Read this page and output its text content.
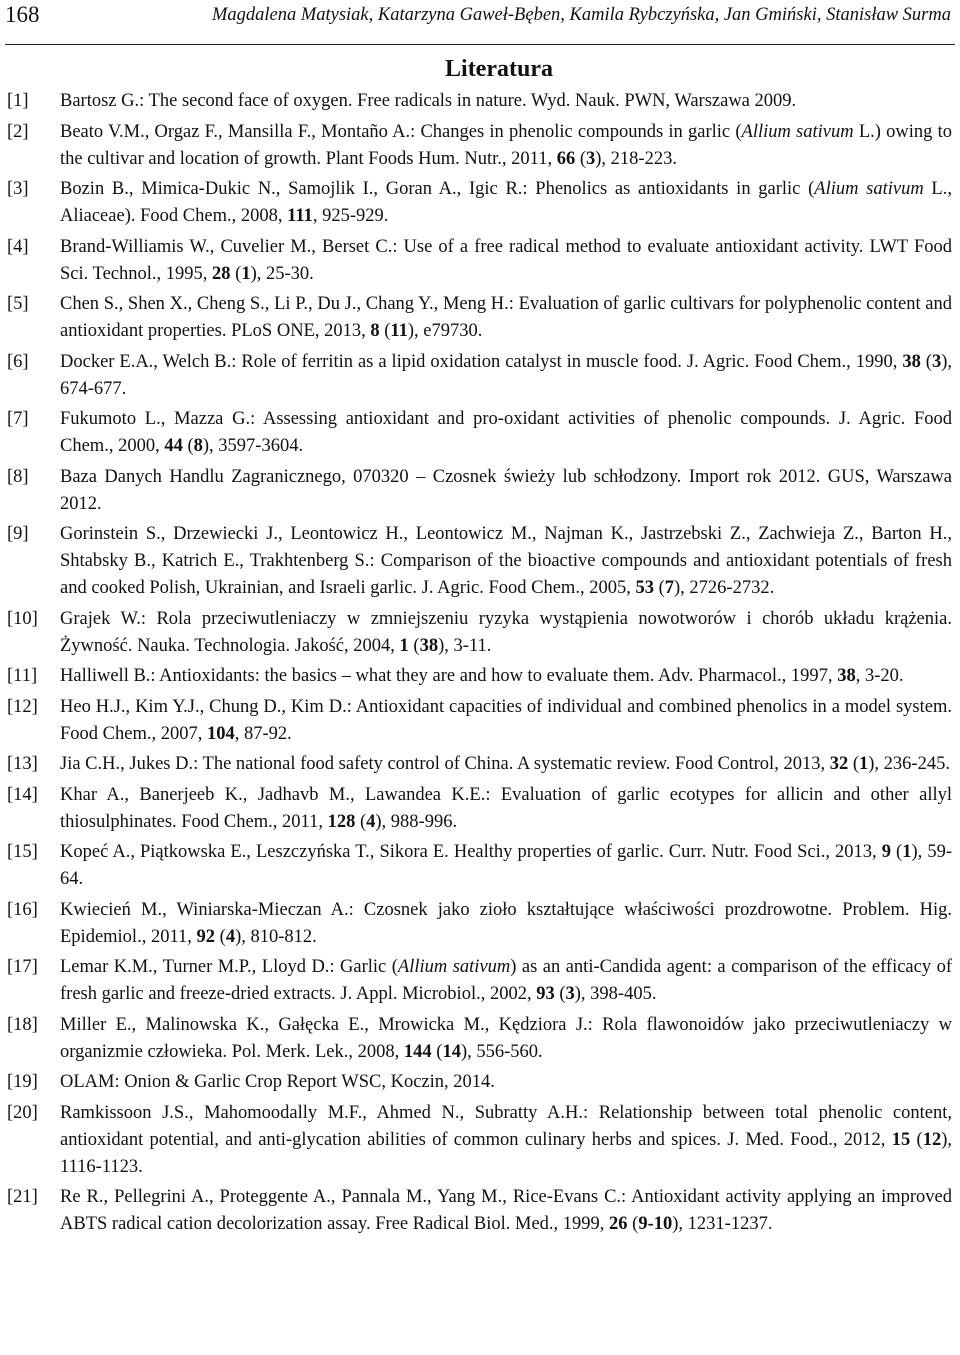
168	Magdalena Matysiak, Katarzyna Gaweł-Bęben, Kamila Rybczyńska, Jan Gmiński, Stanisław Surma
Literatura
[1] Bartosz G.: The second face of oxygen. Free radicals in nature. Wyd. Nauk. PWN, Warszawa 2009.
[2] Beato V.M., Orgaz F., Mansilla F., Montaño A.: Changes in phenolic compounds in garlic (Allium sativum L.) owing to the cultivar and location of growth. Plant Foods Hum. Nutr., 2011, 66 (3), 218-223.
[3] Bozin B., Mimica-Dukic N., Samojlik I., Goran A., Igic R.: Phenolics as antioxidants in garlic (Alium sativum L., Aliaceae). Food Chem., 2008, 111, 925-929.
[4] Brand-Williamis W., Cuvelier M., Berset C.: Use of a free radical method to evaluate antioxidant activity. LWT Food Sci. Technol., 1995, 28 (1), 25-30.
[5] Chen S., Shen X., Cheng S., Li P., Du J., Chang Y., Meng H.: Evaluation of garlic cultivars for polyphenolic content and antioxidant properties. PLoS ONE, 2013, 8 (11), e79730.
[6] Docker E.A., Welch B.: Role of ferritin as a lipid oxidation catalyst in muscle food. J. Agric. Food Chem., 1990, 38 (3), 674-677.
[7] Fukumoto L., Mazza G.: Assessing antioxidant and pro-oxidant activities of phenolic compounds. J. Agric. Food Chem., 2000, 44 (8), 3597-3604.
[8] Baza Danych Handlu Zagranicznego, 070320 – Czosnek świeży lub schłodzony. Import rok 2012. GUS, Warszawa 2012.
[9] Gorinstein S., Drzewiecki J., Leontowicz H., Leontowicz M., Najman K., Jastrzebski Z., Zachwieja Z., Barton H., Shtabsky B., Katrich E., Trakhtenberg S.: Comparison of the bioactive compounds and antioxidant potentials of fresh and cooked Polish, Ukrainian, and Israeli garlic. J. Agric. Food Chem., 2005, 53 (7), 2726-2732.
[10] Grajek W.: Rola przeciwutleniaczy w zmniejszeniu ryzyka wystąpienia nowotworów i chorób układu krążenia. Żywność. Nauka. Technologia. Jakość, 2004, 1 (38), 3-11.
[11] Halliwell B.: Antioxidants: the basics – what they are and how to evaluate them. Adv. Pharmacol., 1997, 38, 3-20.
[12] Heo H.J., Kim Y.J., Chung D., Kim D.: Antioxidant capacities of individual and combined phenolics in a model system. Food Chem., 2007, 104, 87-92.
[13] Jia C.H., Jukes D.: The national food safety control of China. A systematic review. Food Control, 2013, 32 (1), 236-245.
[14] Khar A., Banerjeeb K., Jadhavb M., Lawandea K.E.: Evaluation of garlic ecotypes for allicin and other allyl thiosulphinates. Food Chem., 2011, 128 (4), 988-996.
[15] Kopeć A., Piątkowska E., Leszczyńska T., Sikora E. Healthy properties of garlic. Curr. Nutr. Food Sci., 2013, 9 (1), 59-64.
[16] Kwiecień M., Winiarska-Mieczan A.: Czosnek jako zioło kształtujące właściwości prozdrowotne. Problem. Hig. Epidemiol., 2011, 92 (4), 810-812.
[17] Lemar K.M., Turner M.P., Lloyd D.: Garlic (Allium sativum) as an anti-Candida agent: a comparison of the efficacy of fresh garlic and freeze-dried extracts. J. Appl. Microbiol., 2002, 93 (3), 398-405.
[18] Miller E., Malinowska K., Gałęcka E., Mrowicka M., Kędziora J.: Rola flawonoidów jako przeciwutleniaczy w organizmie człowieka. Pol. Merk. Lek., 2008, 144 (14), 556-560.
[19] OLAM: Onion & Garlic Crop Report WSC, Koczin, 2014.
[20] Ramkissoon J.S., Mahomoodally M.F., Ahmed N., Subratty A.H.: Relationship between total phenolic content, antioxidant potential, and anti-glycation abilities of common culinary herbs and spices. J. Med. Food., 2012, 15 (12), 1116-1123.
[21] Re R., Pellegrini A., Proteggente A., Pannala M., Yang M., Rice-Evans C.: Antioxidant activity applying an improved ABTS radical cation decolorization assay. Free Radical Biol. Med., 1999, 26 (9-10), 1231-1237.
